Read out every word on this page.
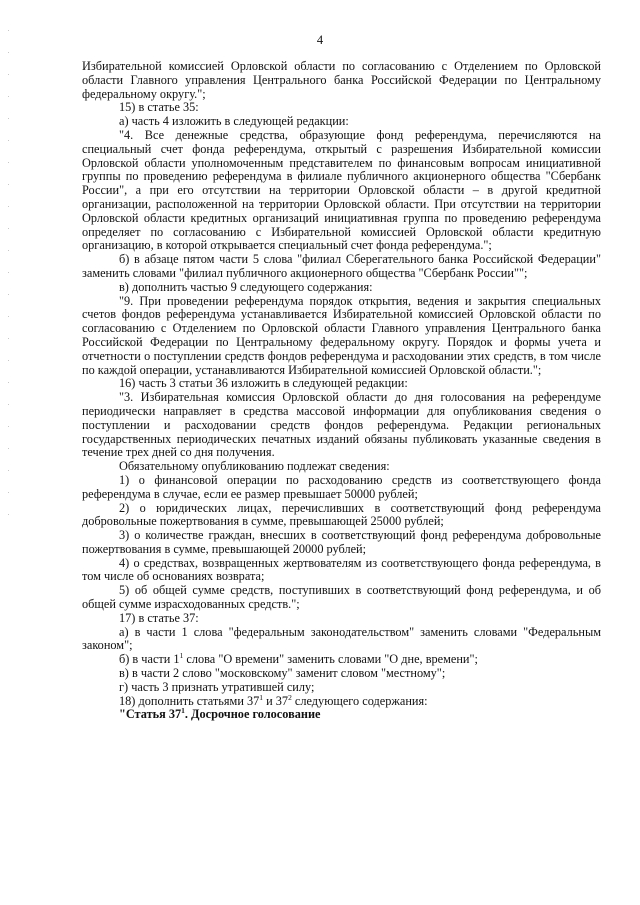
4

Избирательной комиссией Орловской области по согласованию с Отделением по Орловской области Главного управления Центрального банка Российской Федерации по Центральному федеральному округу.";

15) в статье 35:

а) часть 4 изложить в следующей редакции:

"4. Все денежные средства, образующие фонд референдума, перечисляются на специальный счет фонда референдума, открытый с разрешения Избирательной комиссии Орловской области уполномоченным представителем по финансовым вопросам инициативной группы по проведению референдума в филиале публичного акционерного общества "Сбербанк России", а при его отсутствии на территории Орловской области – в другой кредитной организации, расположенной на территории Орловской области. При отсутствии на территории Орловской области кредитных организаций инициативная группа по проведению референдума определяет по согласованию с Избирательной комиссией Орловской области кредитную организацию, в которой открывается специальный счет фонда референдума.";

б) в абзаце пятом части 5 слова "филиал Сберегательного банка Российской Федерации" заменить словами "филиал публичного акционерного общества "Сбербанк России"";

в) дополнить частью 9 следующего содержания:

"9. При проведении референдума порядок открытия, ведения и закрытия специальных счетов фондов референдума устанавливается Избирательной комиссией Орловской области по согласованию с Отделением по Орловской области Главного управления Центрального банка Российской Федерации по Центральному федеральному округу. Порядок и формы учета и отчетности о поступлении средств фондов референдума и расходовании этих средств, в том числе по каждой операции, устанавливаются Избирательной комиссией Орловской области.";

16) часть 3 статьи 36 изложить в следующей редакции:

"3. Избирательная комиссия Орловской области до дня голосования на референдуме периодически направляет в средства массовой информации для опубликования сведения о поступлении и расходовании средств фондов референдума. Редакции региональных государственных периодических печатных изданий обязаны публиковать указанные сведения в течение трех дней со дня получения.

Обязательному опубликованию подлежат сведения:

1) о финансовой операции по расходованию средств из соответствующего фонда референдума в случае, если ее размер превышает 50000 рублей;

2) о юридических лицах, перечисливших в соответствующий фонд референдума добровольные пожертвования в сумме, превышающей 25000 рублей;

3) о количестве граждан, внесших в соответствующий фонд референдума добровольные пожертвования в сумме, превышающей 20000 рублей;

4) о средствах, возвращенных жертвователям из соответствующего фонда референдума, в том числе об основаниях возврата;

5) об общей сумме средств, поступивших в соответствующий фонд референдума, и об общей сумме израсходованных средств.";

17) в статье 37:

а) в части 1 слова "федеральным законодательством" заменить словами "Федеральным законом";

б) в части $1^1$ слова "О времени" заменить словами "О дне, времени";

в) в части 2 слово "московскому" заменит словом "местному";

г) часть 3 признать утратившей силу;

18) дополнить статьями $37^1$ и $37^2$ следующего содержания:

"Статья $37^1$. Досрочное голосование
